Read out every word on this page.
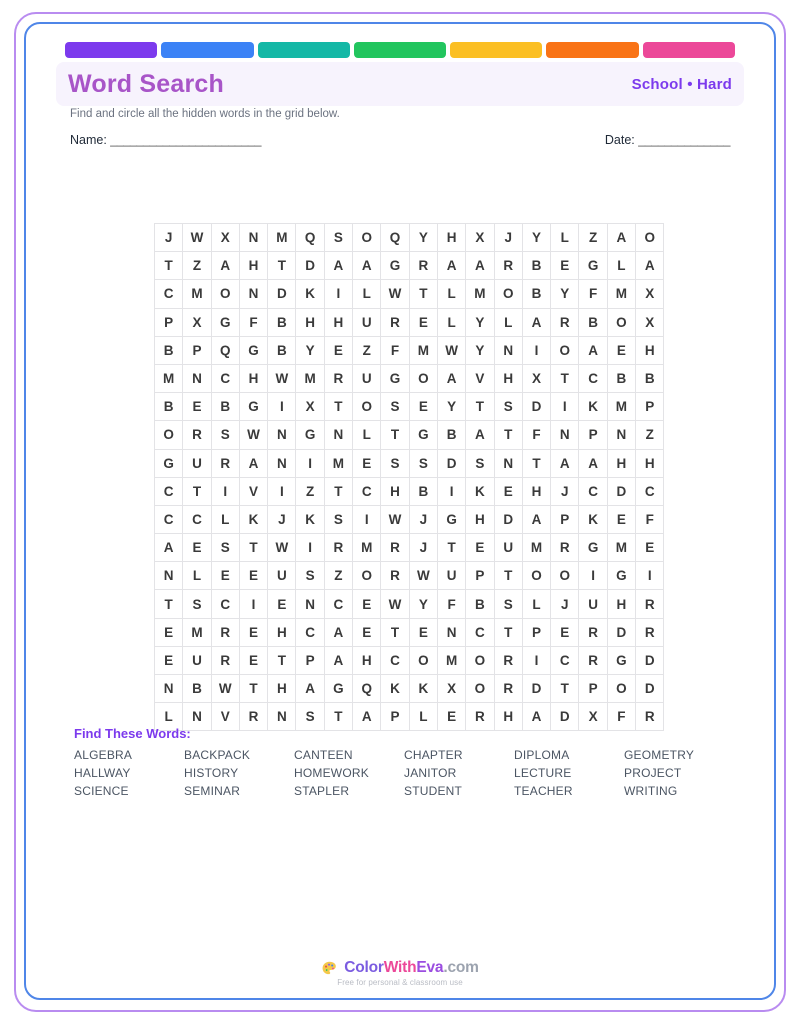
Word Search	School • Hard
Find and circle all the hidden words in the grid below.
Name: _______________________	Date: ______________
J	W	X	N	M	Q	S	O	Q	Y	H	X	J	Y	L	Z	A	O
T	Z	A	H	T	D	A	A	G	R	A	A	R	B	E	G	L	A
C	M	O	N	D	K	I	L	W	T	L	M	O	B	Y	F	M	X
P	X	G	F	B	H	H	U	R	E	L	Y	L	A	R	B	O	X
B	P	Q	G	B	Y	E	Z	F	M	W	Y	N	I	O	A	E	H
M	N	C	H	W	M	R	U	G	O	A	V	H	X	T	C	B	B
B	E	B	G	I	X	T	O	S	E	Y	T	S	D	I	K	M	P
O	R	S	W	N	G	N	L	T	G	B	A	T	F	N	P	N	Z
G	U	R	A	N	I	M	E	S	S	D	S	N	T	A	A	H	H
C	T	I	V	I	Z	T	C	H	B	I	K	E	H	J	C	D	C
C	C	L	K	J	K	S	I	W	J	G	H	D	A	P	K	E	F
A	E	S	T	W	I	R	M	R	J	T	E	U	M	R	G	M	E
N	L	E	E	U	S	Z	O	R	W	U	P	T	O	O	I	G	I
T	S	C	I	E	N	C	E	W	Y	F	B	S	L	J	U	H	R
E	M	R	E	H	C	A	E	T	E	N	C	T	P	E	R	D	R
E	U	R	E	T	P	A	H	C	O	M	O	R	I	C	R	G	D
N	B	W	T	H	A	G	Q	K	K	X	O	R	D	T	P	O	D
L	N	V	R	N	S	T	A	P	L	E	R	H	A	D	X	F	R
Find These Words:
ALGEBRA	BACKPACK	CANTEEN	CHAPTER	DIPLOMA	GEOMETRY
HALLWAY	HISTORY	HOMEWORK	JANITOR	LECTURE	PROJECT
SCIENCE	SEMINAR	STAPLER	STUDENT	TEACHER	WRITING
ColorWithEva.com
Free for personal & classroom use
